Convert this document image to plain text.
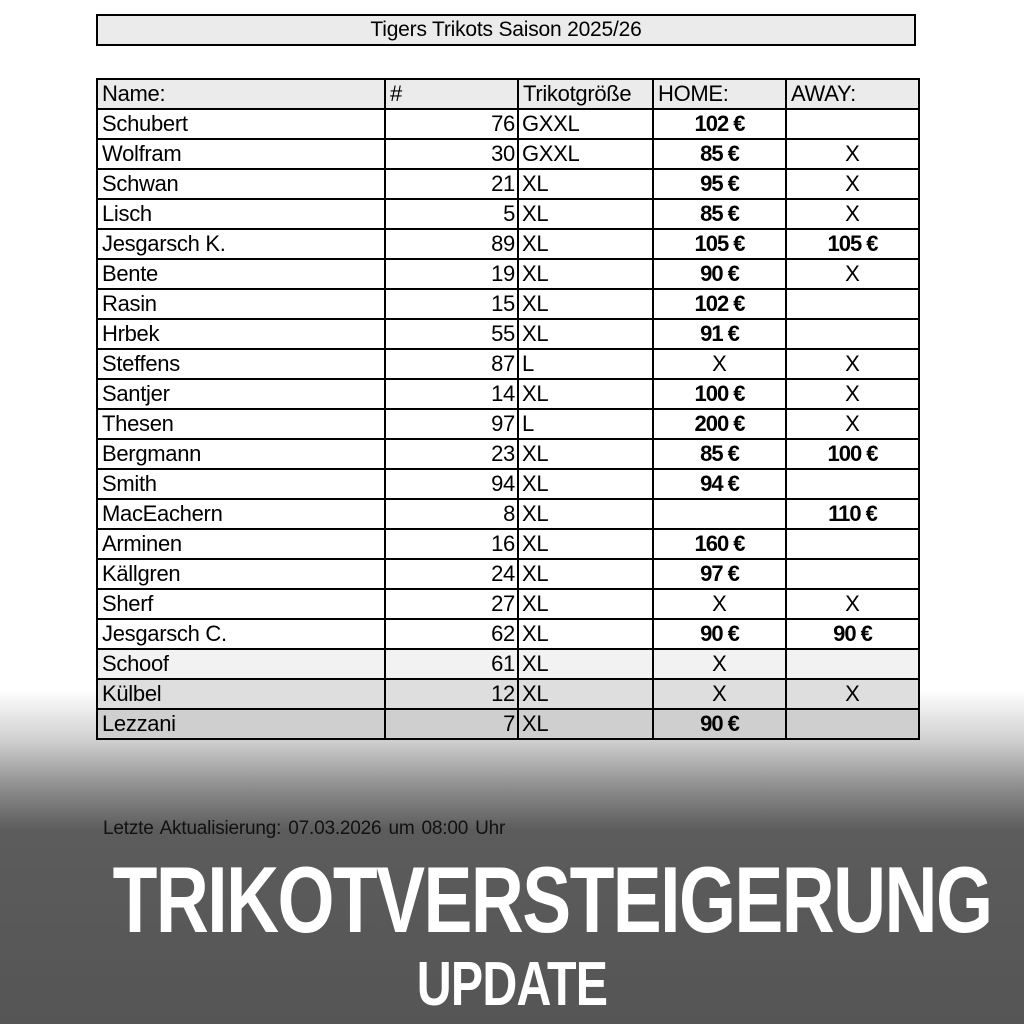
Tigers Trikots Saison 2025/26
Name:	#	Trikotgröße	HOME:	AWAY:
Schubert	76	GXXL	102 €	
Wolfram	30	GXXL	85 €	X
Schwan	21	XL	95 €	X
Lisch	5	XL	85 €	X
Jesgarsch K.	89	XL	105 €	105 €
Bente	19	XL	90 €	X
Rasin	15	XL	102 €	
Hrbek	55	XL	91 €	
Steffens	87	L	X	X
Santjer	14	XL	100 €	X
Thesen	97	L	200 €	X
Bergmann	23	XL	85 €	100 €
Smith	94	XL	94 €	
MacEachern	8	XL		110 €
Arminen	16	XL	160 €	
Källgren	24	XL	97 €	
Sherf	27	XL	X	X
Jesgarsch C.	62	XL	90 €	90 €
Schoof	61	XL	X	
Külbel	12	XL	X	X
Lezzani	7	XL	90 €	
Letzte Aktualisierung: 07.03.2026 um 08:00 Uhr
TRIKOTVERSTEIGERUNG
UPDATE
